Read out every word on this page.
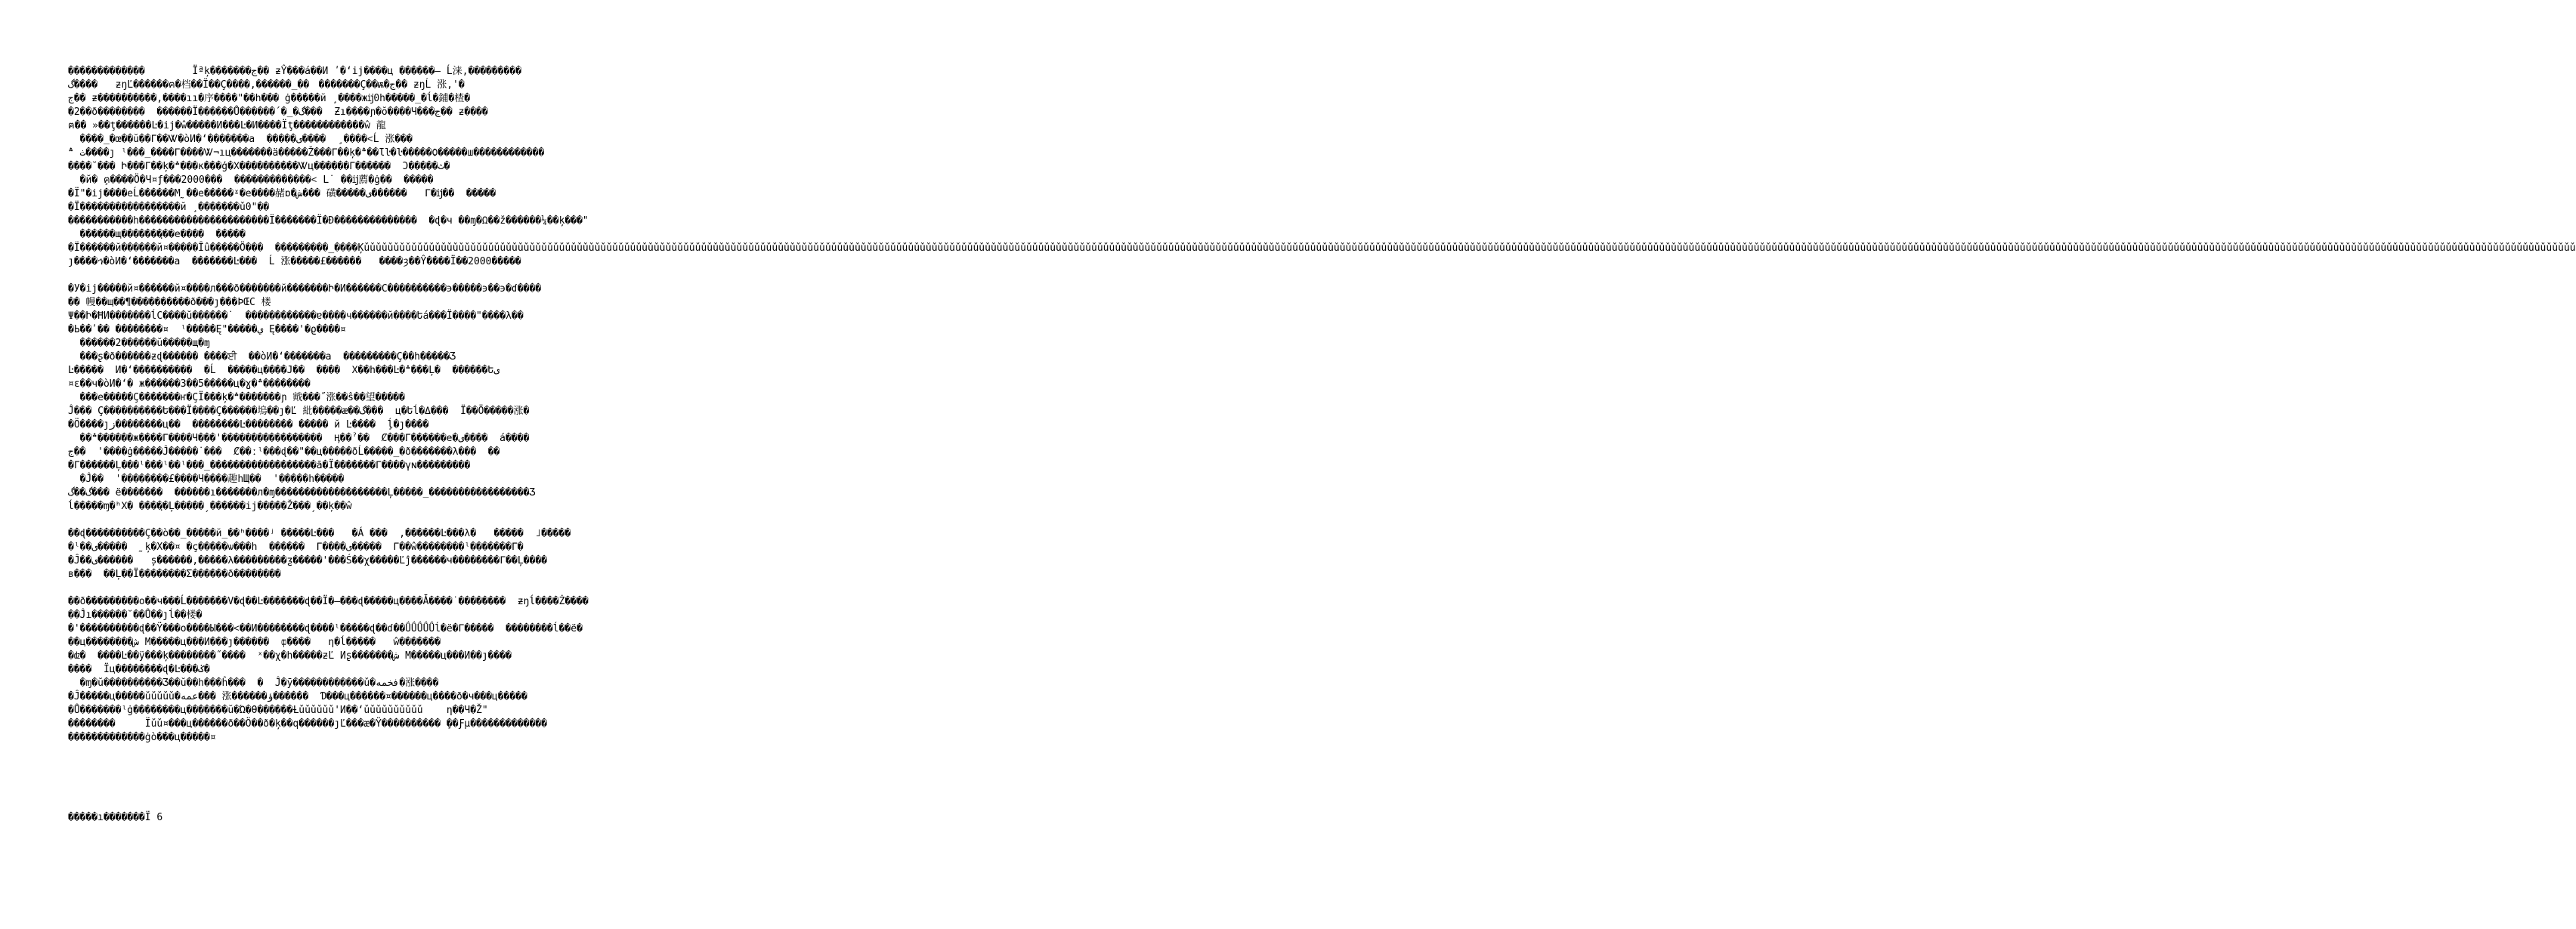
�������������        Ïªķ�������ج�� ƶŶ���á��И ʹ�ʻij����ц ������– Ĺ涞,���������
گ����   ƶŋĽ������ฅ�档��Ï��Ç����,������_��ﾠ�������Ç��ѭ�ج�� ƶŋĹ 涨,'�
ج�� ƶ����������,����ıı�序����"��h��� ġ�����й ̧ ����жĳ0h�����_�ĺ�鋪�楂�
�2��ð��������  ������Ï������Ů������´�_�گ���  Ƶı����ɲ�ŏ����Ч���ج�� ƶ����
ฅ�� »��ţ������Ŀ�ij�ŵ�����И���Ŀ�И����Ïţ������������ŵ 龍
����_�œ��ŭ��Γ��Ꮤ�òИ�ʻ�������а  �����ى����   ̧����˂Ĺ 涨���
ث ؞����ȷ ˡ���_����Γ����Ꮤ¬ıц�������ä�����Ž���Γ��ķ�؞��Ɩŀ�ŀ�����Ѻ�����ш������������
����˘��� Ի���Γ��ķ�؞���ĸ���ģ�Χ����������Ꮤц������Γ������  Ɔ�����ث�
�й� ̧ฅ����Ö�Ч¤ƒ���2000���  �������������˂ L˙ ��ĳ薦�ġ��  �����
�Ï"�ij����еĹ������М˷��е�����ˠ�е����赭ɒ�ش��� 磺�����ى������   Γ�ĳ��  �����
�Ï�����������������й ̧ �������ǔ0"��
�����������h����������������������Ï�������Ï�Ð��������������  �ɖ�ч ��ɱ�Ω��ž������¼��ķ���"
������щ�������ฺ��е����  �����
�Ï������й������й¤�����Ȋû�����Ö���  ���������_����Ķǔǔǔǔǔǔǔǔǔǔǔǔǔǔǔǔǔǔǔǔǔǔǔǔǔǔǔǔǔǔǔǔǔǔǔǔǔǔǔǔǔǔǔǔǔǔǔǔǔǔǔǔǔǔǔǔǔǔǔǔǔǔǔǔǔǔǔǔǔǔǔǔǔǔǔǔǔǔǔǔǔǔǔǔǔǔǔǔǔǔǔǔǔǔǔǔǔǔǔǔǔǔǔǔǔǔǔǔǔǔǔǔǔǔǔǔǔǔǔǔǔǔǔǔǔǔǔǔǔǔǔǔǔǔǔǔǔǔǔǔǔǔǔǔǔǔǔǔǔǔǔǔǔǔǔǔǔǔǔǔǔǔǔǔǔǔǔǔǔǔǔǔǔǔǔǔǔǔǔǔǔǔǔǔǔǔǔǔǔǔǔǔǔǔǔǔǔǔǔǔǔǔǔǔǔǔǔǔǔǔǔǔǔǔǔǔǔǔǔǔǔǔǔǔǔǔǔǔǔǔǔǔǔǔǔǔǔǔǔǔǔǔǔǔǔǔǔǔǔǔǔǔǔǔǔǔǔǔǔǔǔǔǔǔǔǔǔǔǔǔǔǔǔǔǔǔǔǔǔǔǔǔǔǔǔǔǔǔǔǔǔǔǔǔǔǔǔǔǔǔǔǔǔǔǔǔǔǔǔǔǔǔǔǔǔǔǔǔǔǔǔǔǔǔǔǔǔǔǔǔǔǔǔǔǔǔǔǔǔǔǔǔǔǔǔǔǔǔǔǔǔǔǔǔǔǔǔǔǔǔǔǔǔǔǔǔǔǔǔǔǔǔǔǔ
ȷ����ኅ�òИ�ʻ�������а  �������Ŀ���  Ĺ 涨�����£������   ����ȝ��Ŷ����Ï��2000�����
�У�ij�����й¤������й¤����л���ð�������й�������Ի�И������С����������϶�����϶��϶�ɗ����
�� 幔��щ��¶����������ð���ȷ���ÞŒС 楼
Ψ��Ի�ĦИ�������ĺС����ŭ������˙  ������������ɐ����ч������й����Եá���Ï����"����λ��
�Ь��ʹ�� ��������¤  ˡ�����Ę"�����ي Ę����'�ϱ����¤
������2������ŭ�����щ�ɱ
���ʂ�ð������ƶɖ������ ����ਈ  ��òИ�ʻ�������а  ���������Ç��h�����Ʒ
Ŀ�����  И�ʻ����������  �Ĺ  �����ц����J��  ����  Χ��h���Ŀ�؞���Ļ�  ������Եی
¤ε��ч�òИ�ʻ� ж������З��5�����ц�ɣ�؞��������
���е�����Ç�������ҥ�ÇЇ���ķ�؞�������ɲ 戭���˝涨��ŝ��望�����
Ĵ��� Ç����������Ե���Ï����Ç������塢��ȷ�Ľ 紕�����æ��گ���  ц�Եĺ�Δ���  Ï��Ö�����涨�
�Ö����ȷز��������ц��  ��������Ŀ�������� ����� й Ŀ����  ̧ĺ�ȷ����
��؞������ж����Γ����Ч���'�����������������  Ӊ��ˀ��  Ȼ���Γ������е�ى����  á����
ج��  '����ġ�����Ĵ�����˙���  Ȼ��ːˡ���ɖ��"��ц�����ðĹ�����_�ð�������λ���  ��
�Γ������Ļ���ˡ���ˡ��ˡ���_������������������ā�Ï�������Γ����γɴ���������
�Ĵ��  '��������£����Ч����趣hЩ��  '�����h�����
گ��گ��� ё�������  ������ı�������л�ɱ�������������������Ļ�����_�����������������Ʒ
ĺ�����ɱ�ʰΧ� ����ฺ�Ļ�����ˏ������ij�����Ž���ˏ��ķ��ŵ
��ɖ����������Ç��ò��_�����й_��ʰ����ʲ �����Ŀ���   �Á ���  ,������Ŀ���λ�   �����  ˩�����
�ˡ��ى�����  ˷ķ�Х��¤ �ҫ�����ѡ���h  ������  Γ����ى�����  Γ��ŵ��������ˡ�������Γ�
�Ĵ��ى������   ș������,�����λ���������ƺ�����'���Ś��χ�����Ľĵ������ч��������Γ��Ļ����
в���  ��Ļ��Ï��������Ʃ������ð��������
��ð���������о��ч���Ĺ�������V�ɖ��Ŀ�������ɖ��Ï�–���ɖ�����ц����Ǡ����˙��������  ƶŋĺ����Ż����
��Ĵı������˘��Ů��ȷĺ��楼�
�'����������ɖ��Ÿ���о����Ы���˂��И��������ɖ����ˡ�����ɖ��ɗ��ǗǗǗǗǗĺ�ё�Γ�����  ��������ĺ��ё�
��ц��������ش М�����ц���И���ȷ������  ȹ����   η�ĺ�����   ŵ�������
�ǳ�  ����Ŀ��ÿ���ķ��������˝����  ˣ��χ�h�����ƶĽ Иʂ�������ش М�����ц���И��ȷ����
����  Ïц��������ɖ�Ŀ���ݢ�
�ɱ�ŭ����������Ʒ��ŭ��h���ĥ���  �  Ĵ�ȳ������������ǔ�فخمه�涨����
�Ĵ�����ц�����ǔǔǔǔǔ�عمه��� 涨������ؤ������  Ɗ���ц������¤������ц����ð�ч���ц�����
�Ů�������ˡġ��������ц�������ŭ�Ώ�Ɵ������Ƚǔǔǔǔǔǔ'И��ʻǔǔǔǔǔǔǔǔǔǔ    η��Ч�Ž"
��������     Ïǔǔ¤���ц������ð��Ö��ð�ķ��q������ȷĽ���æ�Ÿ���������� ̧��Ƒµ�������������
�������������ġò���ц�����¤
�����ı�������Ï 6
